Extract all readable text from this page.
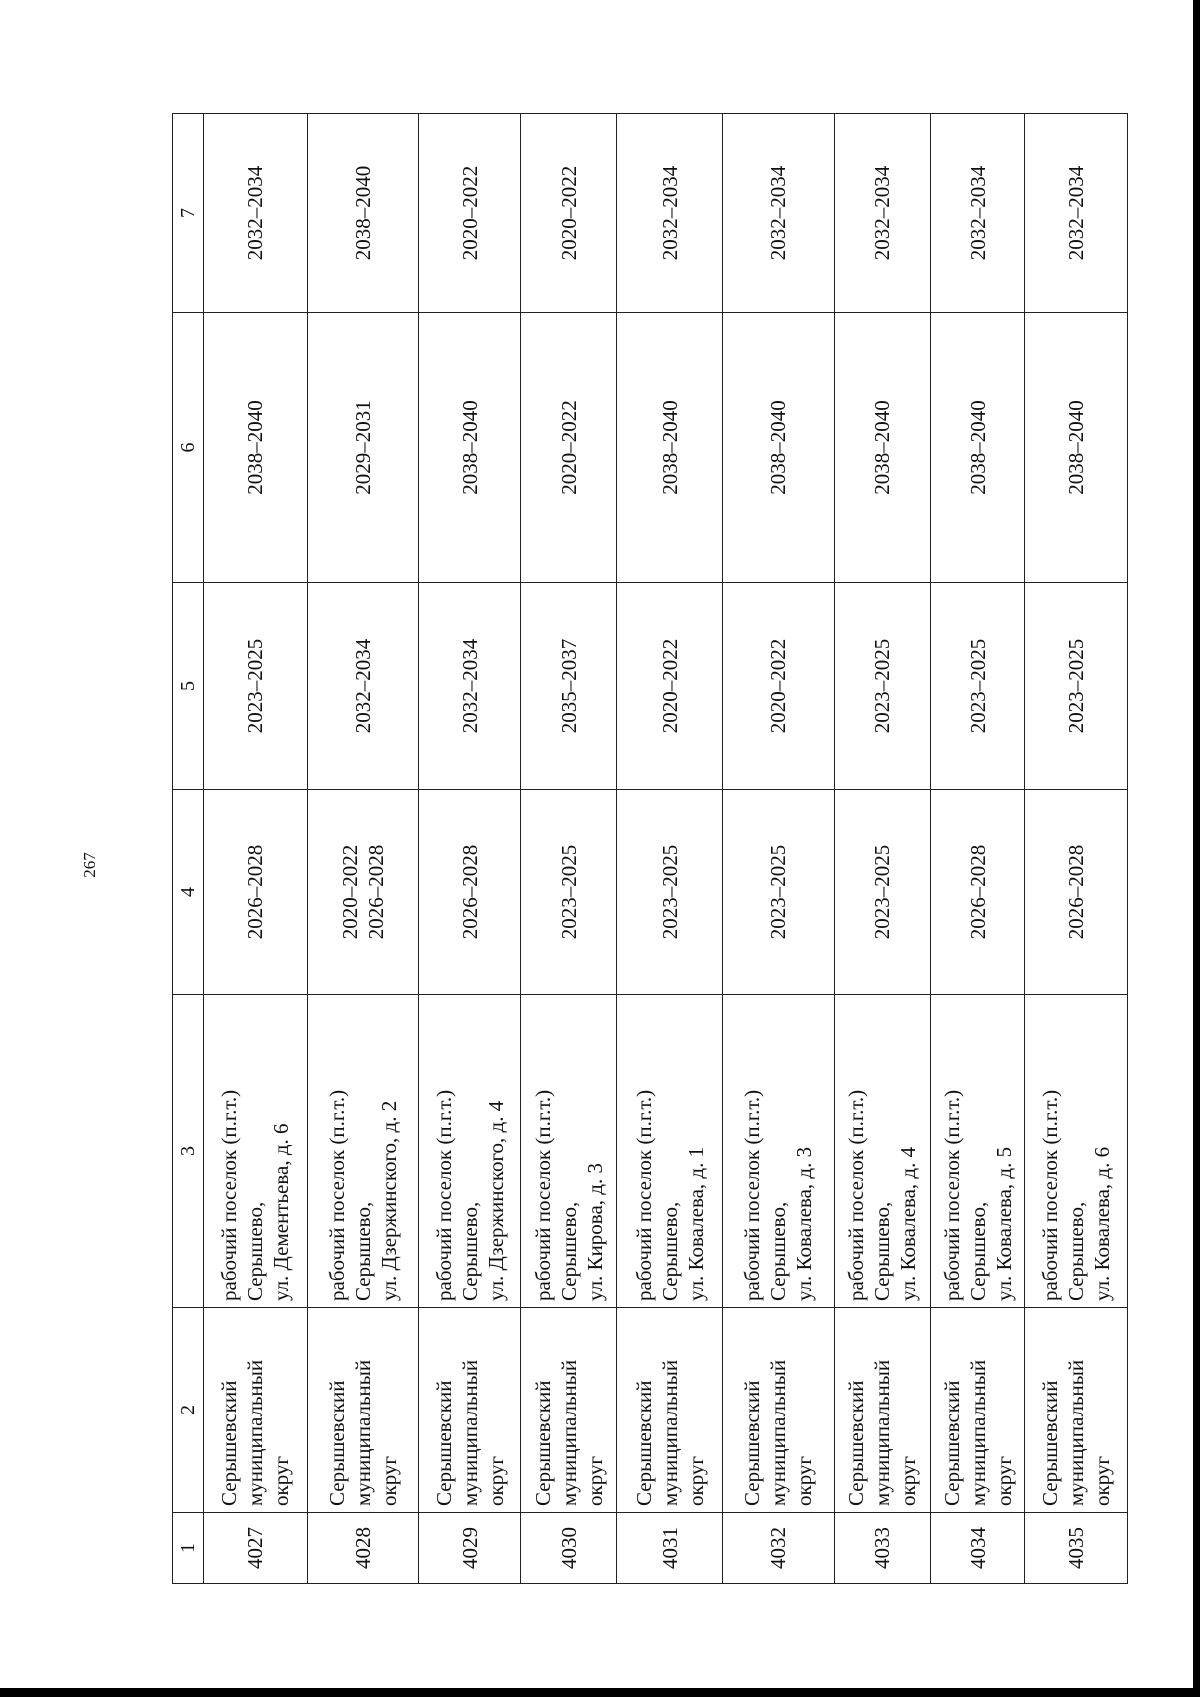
267
1	2	3	4	5	6	7
4027	Серышевский муниципальный округ	рабочий поселок (п.г.т.) Серышево, ул. Дементьева, д. 6	2026–2028	2023–2025	2038–2040	2032–2034
4028	Серышевский муниципальный округ	рабочий поселок (п.г.т.) Серышево, ул. Дзержинского, д. 2	2020–2022 2026–2028	2032–2034	2029–2031	2038–2040
4029	Серышевский муниципальный округ	рабочий поселок (п.г.т.) Серышево, ул. Дзержинского, д. 4	2026–2028	2032–2034	2038–2040	2020–2022
4030	Серышевский муниципальный округ	рабочий поселок (п.г.т.) Серышево, ул. Кирова, д. 3	2023–2025	2035–2037	2020–2022	2020–2022
4031	Серышевский муниципальный округ	рабочий поселок (п.г.т.) Серышево, ул. Ковалева, д. 1	2023–2025	2020–2022	2038–2040	2032–2034
4032	Серышевский муниципальный округ	рабочий поселок (п.г.т.) Серышево, ул. Ковалева, д. 3	2023–2025	2020–2022	2038–2040	2032–2034
4033	Серышевский муниципальный округ	рабочий поселок (п.г.т.) Серышево, ул. Ковалева, д. 4	2023–2025	2023–2025	2038–2040	2032–2034
4034	Серышевский муниципальный округ	рабочий поселок (п.г.т.) Серышево, ул. Ковалева, д. 5	2026–2028	2023–2025	2038–2040	2032–2034
4035	Серышевский муниципальный округ	рабочий поселок (п.г.т.) Серышево, ул. Ковалева, д. 6	2026–2028	2023–2025	2038–2040	2032–2034
